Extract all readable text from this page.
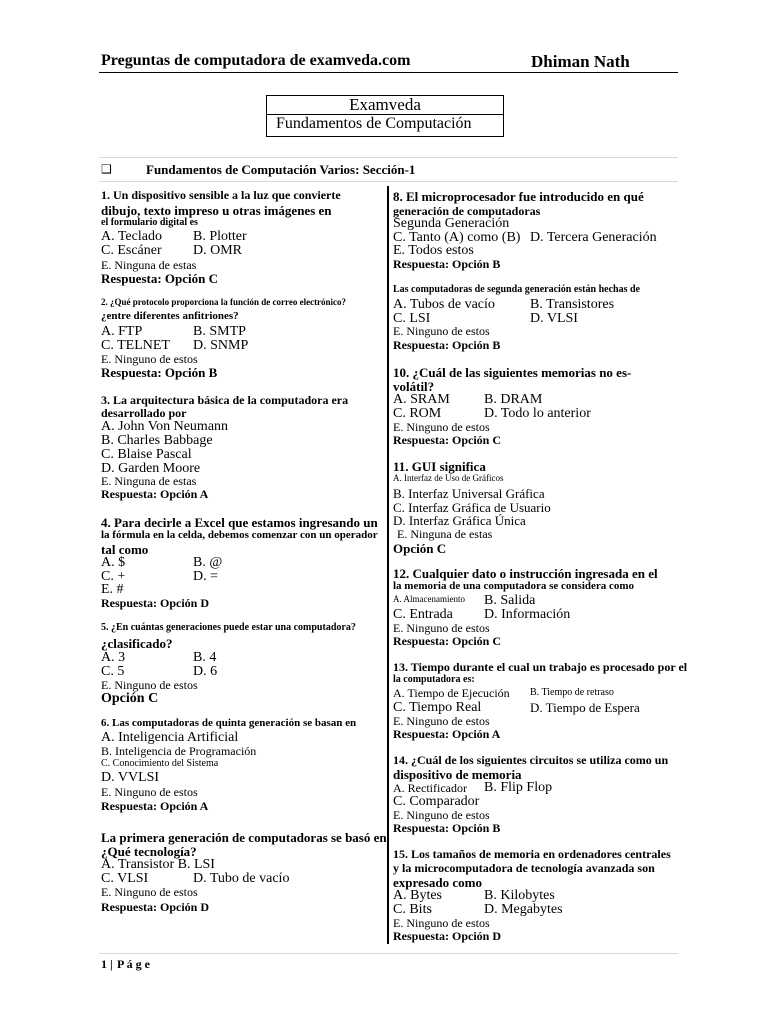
Preguntas de computadora de examveda.com	Dhiman Nath
Examveda
Fundamentos de Computación
❑	Fundamentos de Computación Varios: Sección-1
1. Un dispositivo sensible a la luz que convierte
dibujo, texto impreso u otras imágenes en
el formulario digital es
A. Teclado B. Plotter
C. Escáner D. OMR
E. Ninguna de estas
Respuesta: Opción C
2. ¿Qué protocolo proporciona la función de correo electrónico?
¿entre diferentes anfitriones?
A. FTP	B. SMTP
C. TELNET D. SNMP
E. Ninguno de estos
Respuesta: Opción B
3. La arquitectura básica de la computadora era
desarrollado por
A. John Von Neumann
B. Charles Babbage
C. Blaise Pascal
D. Garden Moore
E. Ninguna de estas
Respuesta: Opción A
4. Para decirle a Excel que estamos ingresando un
la fórmula en la celda, debemos comenzar con un operador
tal como
A. $	B. @
C. +	D. =
E. #
Respuesta: Opción D
5. ¿En cuántas generaciones puede estar una computadora?
¿clasificado?
A. 3	B. 4
C. 5	D. 6
E. Ninguno de estos
Opción C
6. Las computadoras de quinta generación se basan en
A. Inteligencia Artificial
B. Inteligencia de Programación
C. Conocimiento del Sistema
D. VVLSI
E. Ninguno de estos
Respuesta: Opción A
La primera generación de computadoras se basó en
¿Qué tecnología?
A. Transistor B. LSI
C. VLSI	D. Tubo de vacío
E. Ninguno de estos
Respuesta: Opción D
8. El microprocesador fue introducido en qué
generación de computadoras
Segunda Generación
C. Tanto (A) como (B) D. Tercera Generación
E. Todos estos
Respuesta: Opción B
Las computadoras de segunda generación están hechas de
A. Tubos de vacío	B. Transistores
C. LSI	D. VLSI
E. Ninguno de estos
Respuesta: Opción B
10. ¿Cuál de las siguientes memorias no es-
volátil?
A. SRAM B. DRAM
C. ROM	D. Todo lo anterior
E. Ninguno de estos
Respuesta: Opción C
11. GUI significa
A. Interfaz de Uso de Gráficos
B. Interfaz Universal Gráfica
C. Interfaz Gráfica de Usuario
D. Interfaz Gráfica Única
E. Ninguna de estas
Opción C
12. Cualquier dato o instrucción ingresada en el
la memoria de una computadora se considera como
A. Almacenamiento B. Salida
C. Entrada D. Información
E. Ninguno de estos
Respuesta: Opción C
13. Tiempo durante el cual un trabajo es procesado por el
la computadora es:
A. Tiempo de Ejecución B. Tiempo de retraso
C. Tiempo Real	D. Tiempo de Espera
E. Ninguno de estos
Respuesta: Opción A
14. ¿Cuál de los siguientes circuitos se utiliza como un
dispositivo de memoria
A. Rectificador B. Flip Flop
C. Comparador
E. Ninguno de estos
Respuesta: Opción B
15. Los tamaños de memoria en ordenadores centrales
y la microcomputadora de tecnología avanzada son
expresado como
A. Bytes	B. Kilobytes
C. Bits	D. Megabytes
E. Ninguno de estos
Respuesta: Opción D
1 | P á g e
